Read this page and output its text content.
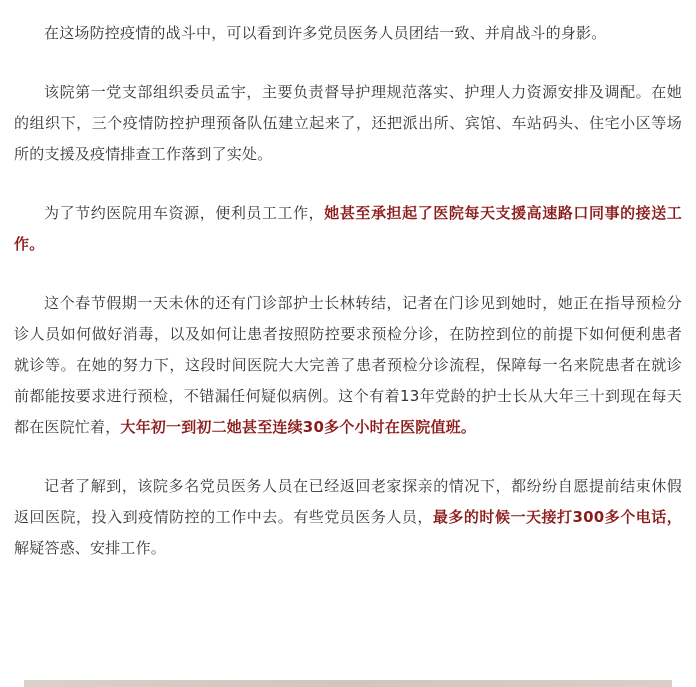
在这场防控疫情的战斗中，可以看到许多党员医务人员团结一致、并肩战斗的身影。

该院第一党支部组织委员孟宇，主要负责督导护理规范落实、护理人力资源安排及调配。在她的组织下，三个疫情防控护理预备队伍建立起来了，还把派出所、宾馆、车站码头、住宅小区等场所的支援及疫情排查工作落到了实处。

为了节约医院用车资源，便利员工工作，她甚至承担起了医院每天支援高速路口同事的接送工作。

这个春节假期一天未休的还有门诊部护士长林转结，记者在门诊见到她时，她正在指导预检分诊人员如何做好消毒，以及如何让患者按照防控要求预检分诊，在防控到位的前提下如何便利患者就诊等。在她的努力下，这段时间医院大大完善了患者预检分诊流程，保障每一名来院患者在就诊前都能按要求进行预检，不错漏任何疑似病例。这个有着13年党龄的护士长从大年三十到现在每天都在医院忙着，大年初一到初二她甚至连续30多个小时在医院值班。

记者了解到，该院多名党员医务人员在已经返回老家探亲的情况下，都纷纷自愿提前结束休假返回医院，投入到疫情防控的工作中去。有些党员医务人员，最多的时候一天接打300多个电话，解疑答惑、安排工作。
